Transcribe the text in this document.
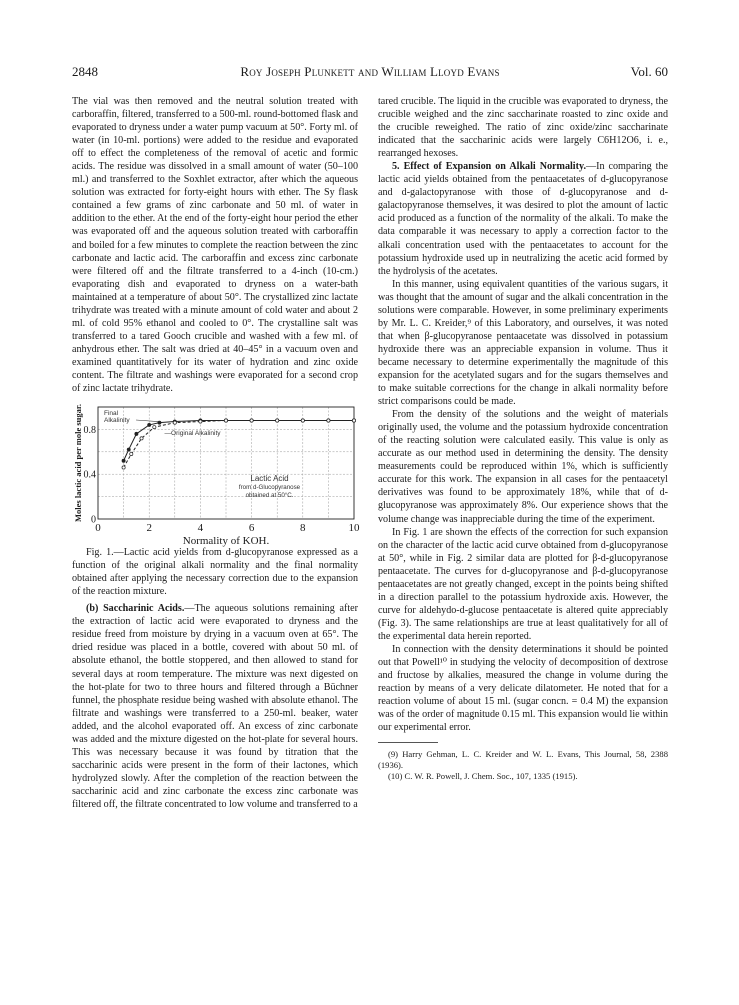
2848	Roy Joseph Plunkett and William Lloyd Evans	Vol. 60

The vial was then removed and the neutral solution treated with carboraffin, filtered, transferred to a 500-ml. round-bottomed flask and evaporated to dryness under a water pump vacuum at 50°. Forty ml. of water (in 10-ml. portions) were added to the residue and evaporated off to effect the completeness of the removal of acetic and formic acids. The residue was dissolved in a small amount of water (50–100 ml.) and transferred to the Soxhlet extractor, after which the aqueous solution was extracted for forty-eight hours with ether. The Sy flask contained a few grams of zinc carbonate and 50 ml. of water in addition to the ether. At the end of the forty-eight hour period the ether was evaporated off and the aqueous solution treated with carboraffin and boiled for a few minutes to complete the reaction between the zinc carbonate and lactic acid. The carboraffin and excess zinc carbonate were filtered off and the filtrate transferred to a 4-inch (10-cm.) evaporating dish and evaporated to dryness on a water-bath maintained at a temperature of about 50°. The crystallized zinc lactate trihydrate was treated with a minute amount of cold water and about 2 ml. of cold 95% ethanol and cooled to 0°. The crystalline salt was transferred to a tared Gooch crucible and washed with a few ml. of anhydrous ether. The salt was dried at 40–45° in a vacuum oven and examined quantitatively for its water of hydration and zinc oxide content. The filtrate and washings were evaporated for a second crop of zinc lactate trihydrate.

0	2	4	6	8	10
0
0.4
0.8
Normality of KOH.
Moles lactic acid per mole sugar.	Final
Alkalinity
—Original Alkalinity
Lactic Acid
from d-Glucopyranose
obtained at 50°C.

Fig. 1.—Lactic acid yields from d-glucopyranose expressed as a function of the original alkali normality and the final normality obtained after applying the necessary correction due to the expansion of the reaction mixture.

(b) Saccharinic Acids.—The aqueous solutions remaining after the extraction of lactic acid were evaporated to dryness and the residue freed from moisture by drying in a vacuum oven at 65°. The dried residue was placed in a bottle, covered with about 50 ml. of absolute ethanol, the bottle stoppered, and then allowed to stand for several days at room temperature. The mixture was next digested on the hot-plate for two to three hours and filtered through a Büchner funnel, the phosphate residue being washed with absolute ethanol. The filtrate and washings were transferred to a 250-ml. beaker, water added, and the alcohol evaporated off. An excess of zinc carbonate was added and the mixture digested on the hot-plate for several hours. This was necessary because it was found by titration that the saccharinic acids were present in the form of their lactones, which hydrolyzed slowly. After the completion of the reaction between the saccharinic acid and zinc carbonate the excess zinc carbonate was filtered off, the filtrate concentrated to low volume and transferred to a

tared crucible. The liquid in the crucible was evaporated to dryness, the crucible weighed and the zinc saccharinate roasted to zinc oxide and the crucible reweighed. The ratio of zinc oxide/zinc saccharinate indicated that the saccharinic acids were largely C6H12O6, i. e., rearranged hexoses.

5. Effect of Expansion on Alkali Normality.—In comparing the lactic acid yields obtained from the pentaacetates of d-glucopyranose and d-galactopyranose with those of d-glucopyranose and d-galactopyranose themselves, it was desired to plot the amount of lactic acid produced as a function of the normality of the alkali. To make the data comparable it was necessary to apply a correction factor to the alkali concentration used with the pentaacetates to account for the potassium hydroxide used up in neutralizing the acetic acid formed by the hydrolysis of the acetates.

In this manner, using equivalent quantities of the various sugars, it was thought that the amount of sugar and the alkali concentration in the solutions were comparable. However, in some preliminary experiments by Mr. L. C. Kreider,⁹ of this Laboratory, and ourselves, it was noted that when β-glucopyranose pentaacetate was dissolved in potassium hydroxide there was an appreciable expansion in volume. Thus it became necessary to determine experimentally the magnitude of this expansion for the acetylated sugars and for the sugars themselves and to make suitable corrections for the change in alkali normality before strict comparisons could be made.

From the density of the solutions and the weight of materials originally used, the volume and the potassium hydroxide concentration of the reacting solution were calculated easily. This value is only as accurate as our method used in determining the density. The density measurements could be reproduced within 1%, which is sufficiently accurate for this work. The expansion in all cases for the pentaacetyl derivatives was found to be approximately 18%, while that of d-glucopyranose was approximately 8%. Our experience shows that the volume change was inappreciable during the time of the experiment.

In Fig. 1 are shown the effects of the correction for such expansion on the character of the lactic acid curve obtained from d-glucopyranose at 50°, while in Fig. 2 similar data are plotted for β-d-glucopyranose pentaacetate. The curves for d-glucopyranose and β-d-glucopyranose pentaacetates are not greatly changed, except in the points being shifted in a direction parallel to the potassium hydroxide axis. However, the curve for aldehydo-d-glucose pentaacetate is altered quite appreciably (Fig. 3). The same relationships are true at least qualitatively for all of the experimental data herein reported.

In connection with the density determinations it should be pointed out that Powell¹⁰ in studying the velocity of decomposition of dextrose and fructose by alkalies, measured the change in volume during the reaction by means of a very delicate dilatometer. He noted that for a reaction volume of about 15 ml. (sugar concn. = 0.4 M) the expansion was of the order of magnitude 0.15 ml. This expansion would lie within our experimental error.

(9) Harry Gehman, L. C. Kreider and W. L. Evans, This Journal, 58, 2388 (1936).
(10) C. W. R. Powell, J. Chem. Soc., 107, 1335 (1915).
